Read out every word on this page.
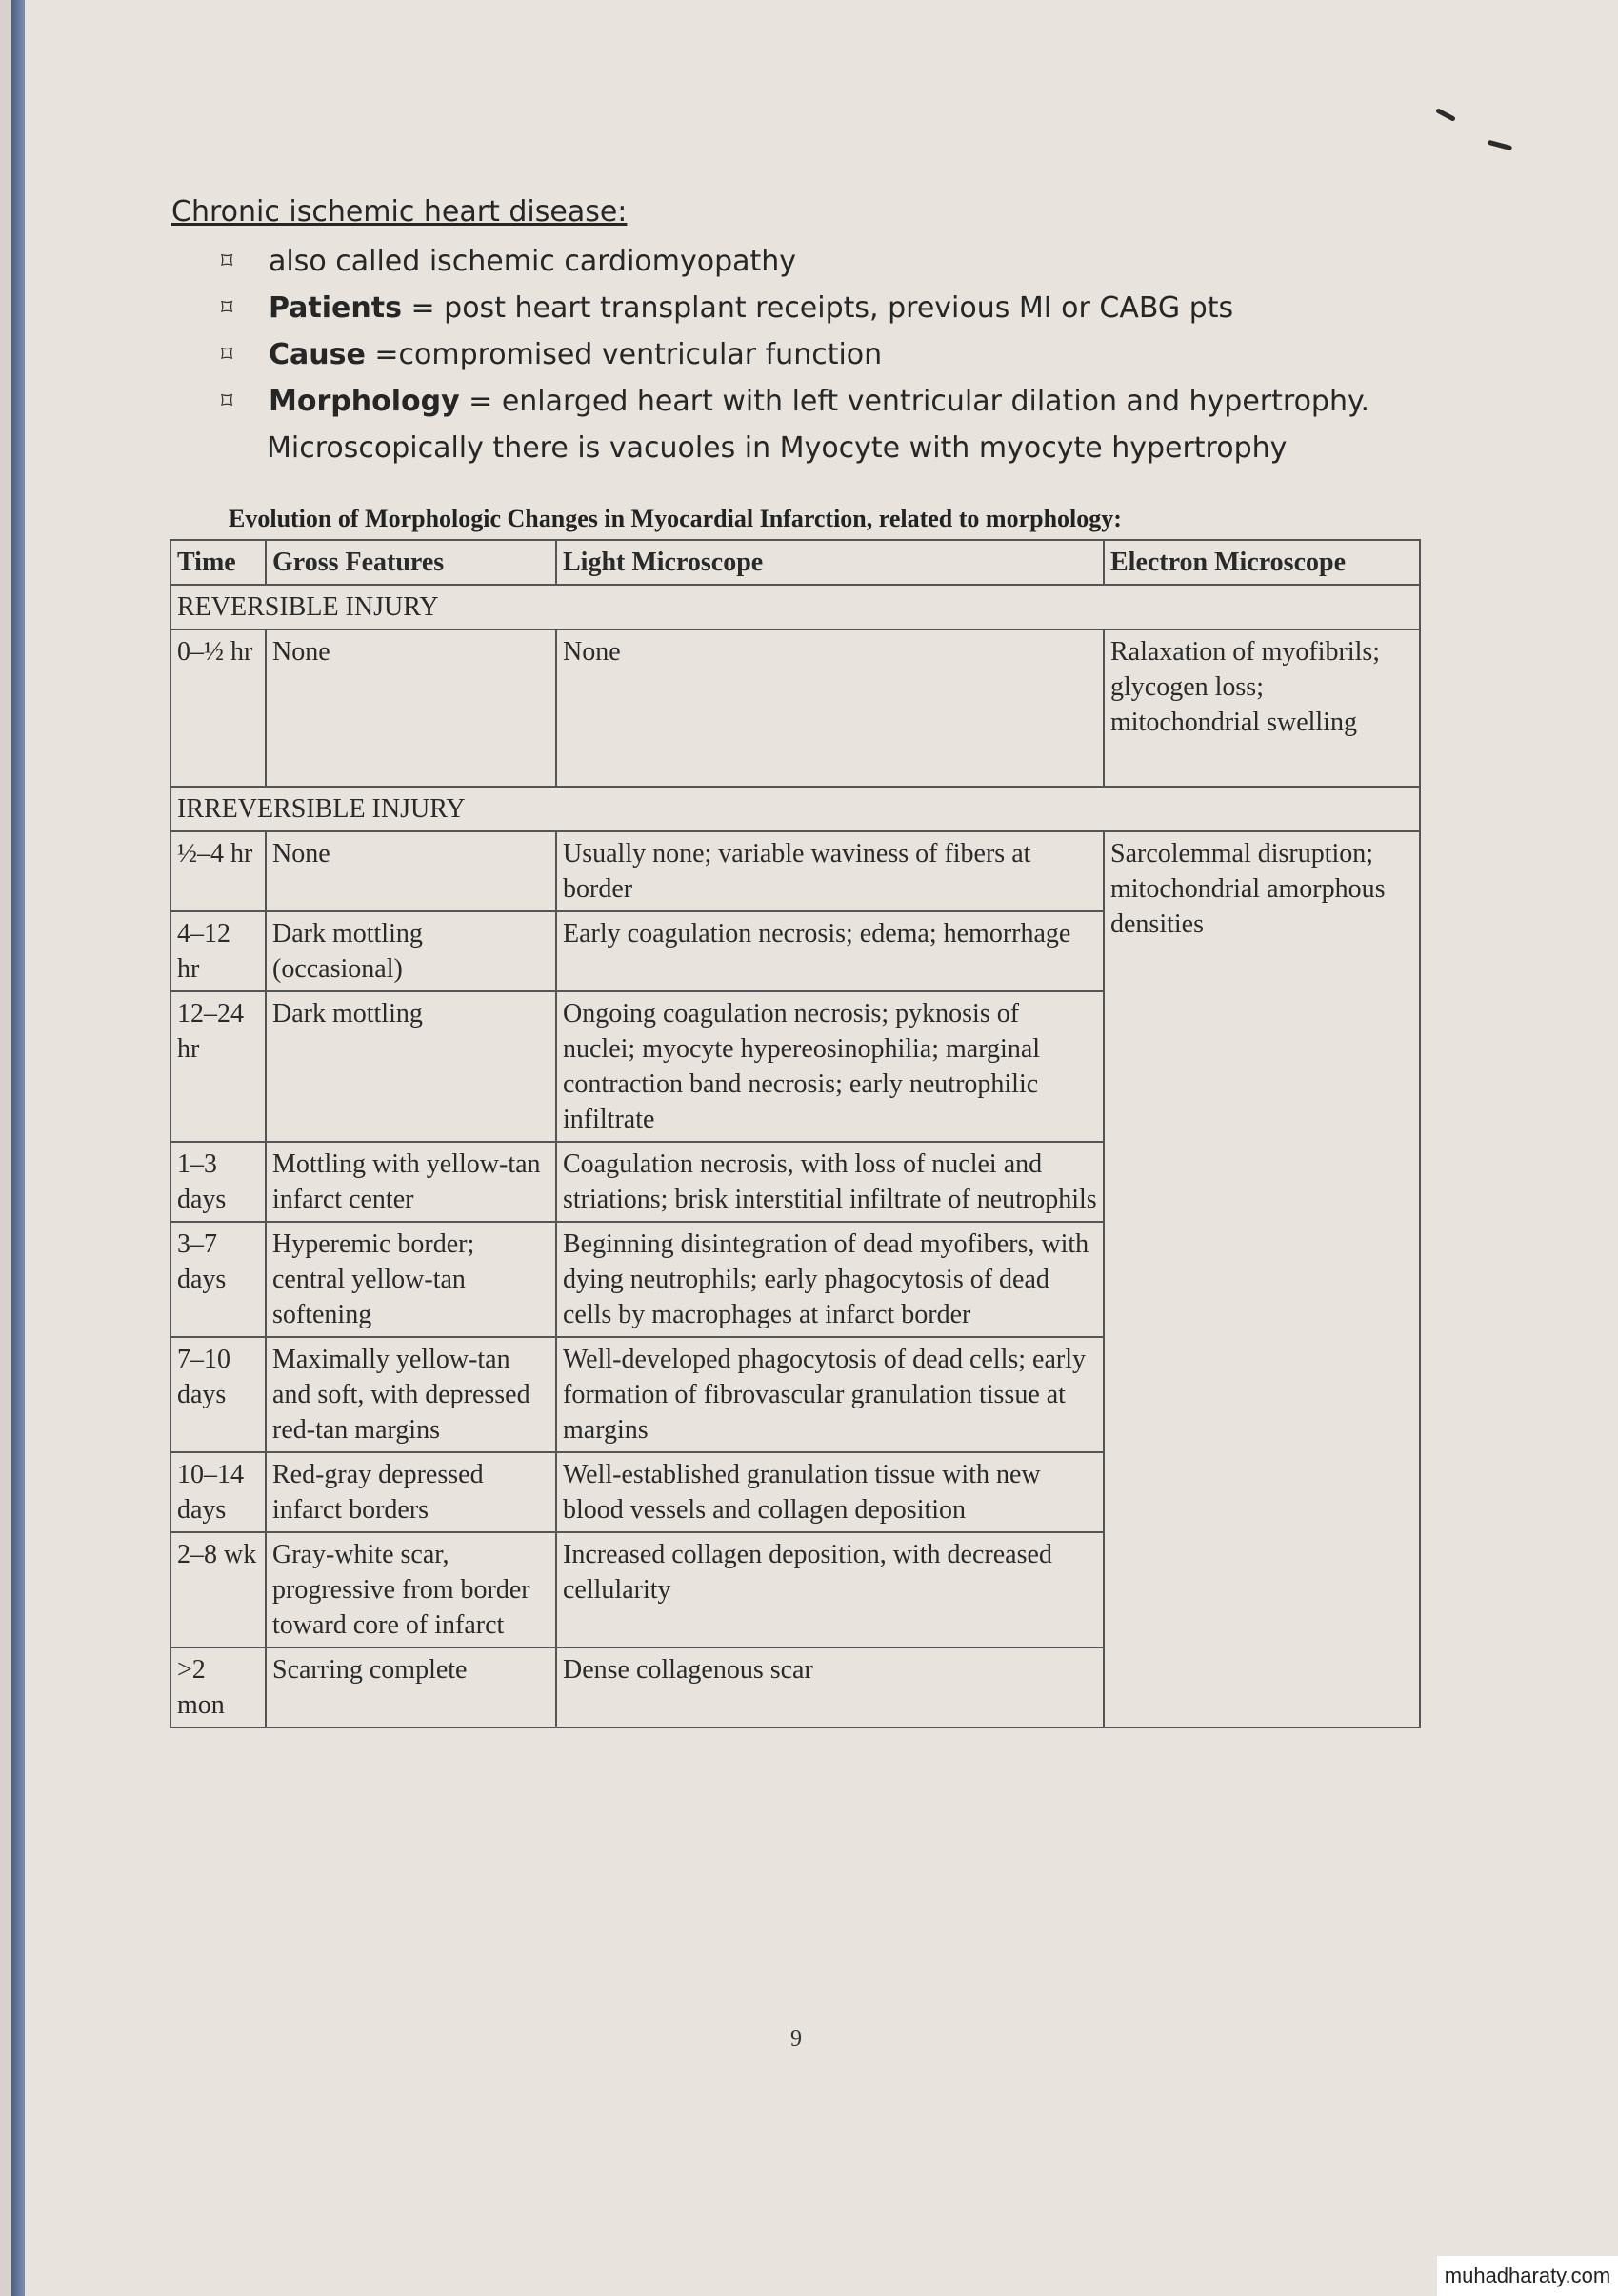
Chronic ischemic heart disease:
⌑	also called ischemic cardiomyopathy
⌑	Patients = post heart transplant receipts, previous MI or CABG pts
⌑	Cause =compromised ventricular function
⌑	Morphology = enlarged heart with left ventricular dilation and hypertrophy.
Microscopically there is vacuoles in Myocyte with myocyte hypertrophy
Evolution of Morphologic Changes in Myocardial Infarction, related to morphology:
Time	Gross Features	Light Microscope	Electron Microscope
REVERSIBLE INJURY			
0–½ hr	None	None	Ralaxation of myofibrils; glycogen loss; mitochondrial swelling
IRREVERSIBLE INJURY			
½–4 hr	None	Usually none; variable waviness of fibers at border	Sarcolemmal disruption; mitochondrial amorphous densities
4–12 hr	Dark mottling (occasional)	Early coagulation necrosis; edema; hemorrhage	
12–24 hr	Dark mottling	Ongoing coagulation necrosis; pyknosis of nuclei; myocyte hypereosinophilia; marginal contraction band necrosis; early neutrophilic infiltrate	
1–3 days	Mottling with yellow-tan infarct center	Coagulation necrosis, with loss of nuclei and striations; brisk interstitial infiltrate of neutrophils	
3–7 days	Hyperemic border; central yellow-tan softening	Beginning disintegration of dead myofibers, with dying neutrophils; early phagocytosis of dead cells by macrophages at infarct border	
7–10 days	Maximally yellow-tan and soft, with depressed red-tan margins	Well-developed phagocytosis of dead cells; early formation of fibrovascular granulation tissue at margins	
10–14 days	Red-gray depressed infarct borders	Well-established granulation tissue with new blood vessels and collagen deposition	
2–8 wk	Gray-white scar, progressive from border toward core of infarct	Increased collagen deposition, with decreased cellularity	
>2 mon	Scarring complete	Dense collagenous scar	
9
muhadharaty.com
